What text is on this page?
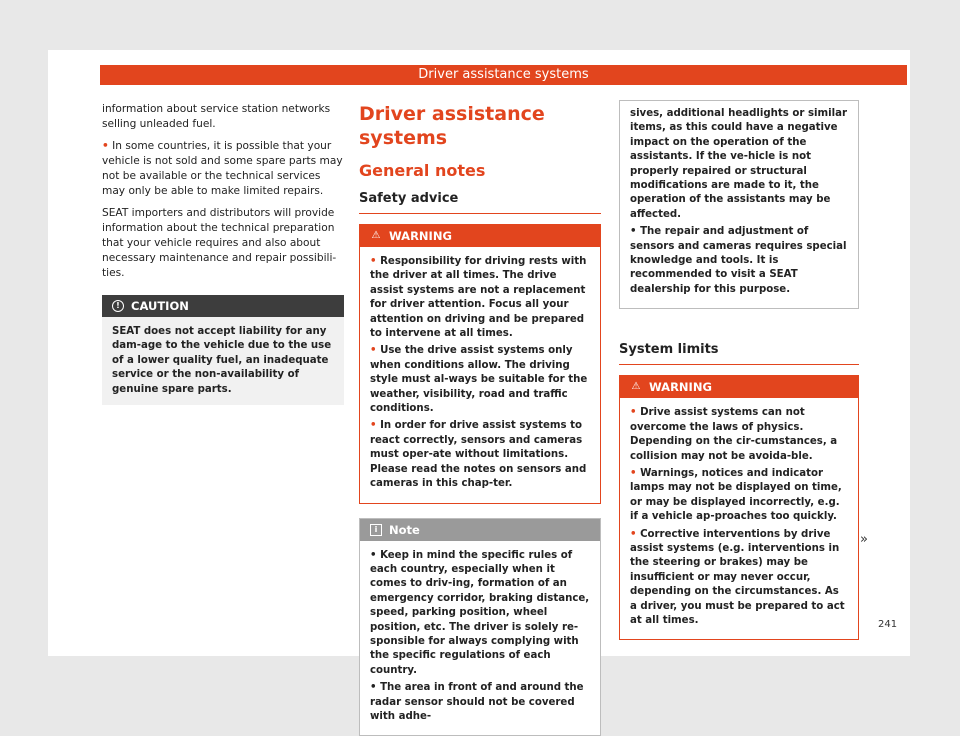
Driver assistance systems

information about service station networks selling unleaded fuel.

• In some countries, it is possible that your vehicle is not sold and some spare parts may not be available or the technical services may only be able to make limited repairs.

SEAT importers and distributors will provide information about the technical preparation that your vehicle requires and also about necessary maintenance and repair possibili-ties.

! CAUTION
SEAT does not accept liability for any dam-age to the vehicle due to the use of a lower quality fuel, an inadequate service or the non-availability of genuine spare parts.
Driver assistance systems
General notes
Safety advice
⚠ WARNING
• Responsibility for driving rests with the driver at all times. The drive assist systems are not a replacement for driver attention. Focus all your attention on driving and be prepared to intervene at all times.
• Use the drive assist systems only when conditions allow. The driving style must al-ways be suitable for the weather, visibility, road and traffic conditions.
• In order for drive assist systems to react correctly, sensors and cameras must oper-ate without limitations. Please read the notes on sensors and cameras in this chap-ter.
i	Note
• Keep in mind the specific rules of each country, especially when it comes to driv-ing, formation of an emergency corridor, braking distance, speed, parking position, wheel position, etc. The driver is solely re-sponsible for always complying with the specific regulations of each country.
• The area in front of and around the radar sensor should not be covered with adhe-
sives, additional headlights or similar items, as this could have a negative impact on the operation of the assistants. If the ve-hicle is not properly repaired or structural modifications are made to it, the operation of the assistants may be affected.
• The repair and adjustment of sensors and cameras requires special knowledge and tools. It is recommended to visit a SEAT dealership for this purpose.
System limits
⚠ WARNING
• Drive assist systems can not overcome the laws of physics. Depending on the cir-cumstances, a collision may not be avoida-ble.
• Warnings, notices and indicator lamps may not be displayed on time, or may be displayed incorrectly, e.g. if a vehicle ap-proaches too quickly.
• Corrective interventions by drive assist systems (e.g. interventions in the steering or brakes) may be insufficient or may never occur, depending on the circumstances. As a driver, you must be prepared to act at all times.
»
241
